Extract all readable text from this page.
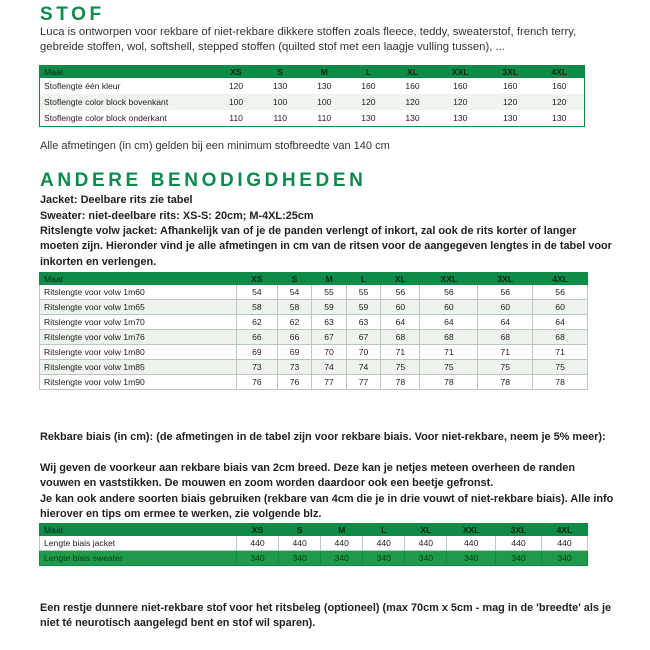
STOF
Luca is ontworpen voor rekbare of niet-rekbare dikkere stoffen zoals fleece, teddy, sweaterstof, french terry, gebreide stoffen, wol, softshell, stepped stoffen (quilted stof met een laagje vulling tussen), ...
Maat	XS	S	M	L	XL	XXL	3XL	4XL
Stoflengte één kleur	120	130	130	160	160	160	160	160
Stoflengte color block bovenkant	100	100	100	120	120	120	120	120
Stoflengte color block onderkant	110	110	110	130	130	130	130	130
Alle afmetingen (in cm) gelden bij een minimum stofbreedte van 140 cm
ANDERE BENODIGDHEDEN
Jacket: Deelbare rits zie tabel
Sweater: niet-deelbare rits: XS-S: 20cm; M-4XL:25cm
Ritslengte volw jacket: Afhankelijk van of je de panden verlengt of inkort, zal ook de rits korter of langer moeten zijn. Hieronder vind je alle afmetingen in cm van de ritsen voor de aangegeven lengtes in de tabel voor inkorten en verlengen.
Maat	XS	S	M	L	XL	XXL	3XL	4XL
Ritslengte voor volw 1m60	54	54	55	55	56	56	56	56
Ritslengte voor volw 1m65	58	58	59	59	60	60	60	60
Ritslengte voor volw 1m70	62	62	63	63	64	64	64	64
Ritslengte voor volw 1m76	66	66	67	67	68	68	68	68
Ritslengte voor volw 1m80	69	69	70	70	71	71	71	71
Ritslengte voor volw 1m85	73	73	74	74	75	75	75	75
Ritslengte voor volw 1m90	76	76	77	77	78	78	78	78
Rekbare biais (in cm): (de afmetingen in de tabel zijn voor rekbare biais. Voor niet-rekbare, neem je 5% meer):
Wij geven de voorkeur aan rekbare biais van 2cm breed. Deze kan je netjes meteen overheen de randen vouwen en vaststikken. De mouwen en zoom worden daardoor ook een beetje gefronst.
Je kan ook andere soorten biais gebruiken (rekbare van 4cm die je in drie vouwt of niet-rekbare biais). Alle info hierover en tips om ermee te werken, zie volgende blz.
Maat	XS	S	M	L	XL	XXL	3XL	4XL
Lengte biais jacket	440	440	440	440	440	440	440	440
Lengte biais sweater	340	340	340	340	340	340	340	340
Een restje dunnere niet-rekbare stof voor het ritsbeleg (optioneel) (max 70cm x 5cm - mag in de 'breedte' als je niet té neurotisch aangelegd bent en stof wil sparen).
